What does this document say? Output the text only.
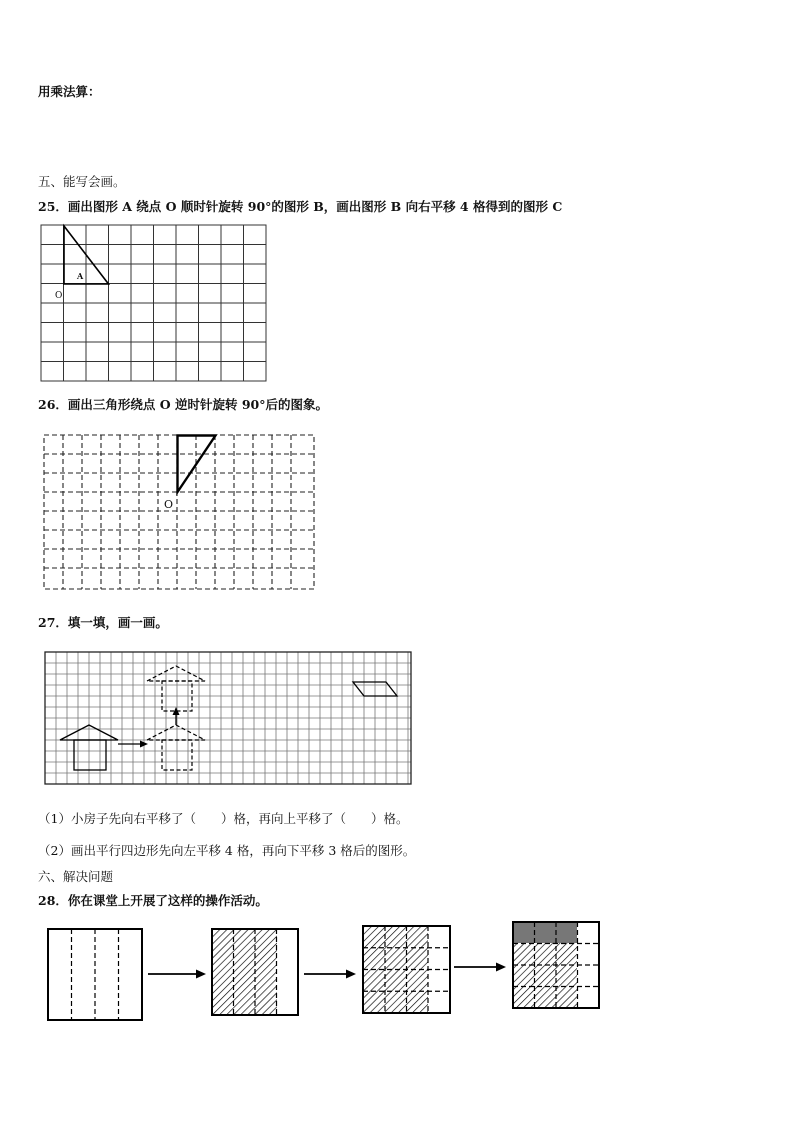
用乘法算：
五、能写会画。
25．画出图形 A 绕点 O 顺时针旋转 90°的图形 B，画出图形 B 向右平移 4 格得到的图形 C
A
O
26．画出三角形绕点 O 逆时针旋转 90°后的图象。
O
27．填一填，画一画。
（1）小房子先向右平移了（　　）格，再向上平移了（　　）格。
（2）画出平行四边形先向左平移 4 格，再向下平移 3 格后的图形。
六、解决问题
28．你在课堂上开展了这样的操作活动。
